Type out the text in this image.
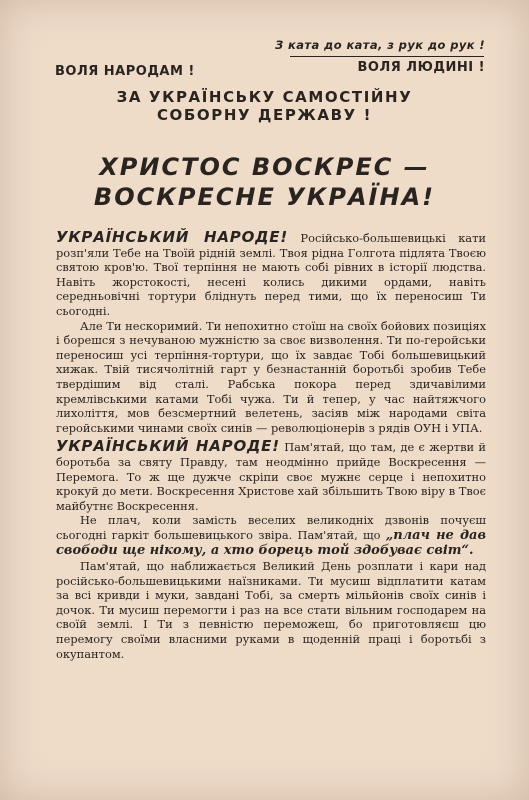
З ката до ката, з рук до рук !
ВОЛЯ НАРОДАМ !	ВОЛЯ ЛЮДИНІ !
ЗА УКРАЇНСЬКУ САМОСТІЙНУ
СОБОРНУ ДЕРЖАВУ !
ХРИСТОС ВОСКРЕС —
ВОСКРЕСНЕ УКРАЇНА!

УКРАЇНСЬКИЙ НАРОДЕ! Російсько-большевицькі кати розп'яли Тебе на Твоїй рідній землі. Твоя рідна Голгота підлята Твоєю святою кров'ю. Твої терпіння не мають собі рівних в історії людства. Навіть жорстокості, несені колись дикими ордами, навіть середньовічні тортури бліднуть перед тими, що їх переносиш Ти сьогодні.

Але Ти нескоримий. Ти непохитно стоїш на своїх бойових позиціях і борешся з нечуваною мужністю за своє визволення. Ти по-геройськи переносиш усі терпіння-тортури, що їх завдає Тобі большевицький хижак. Твій тисячолітній гарт у безнастанній боротьбі зробив Тебе твердішим від сталі. Рабська покора перед здичавілими кремлівськими катами Тобі чужа. Ти й тепер, у час найтяжчого лихоліття, мов безсмертний велетень, засіяв між народами світа геройськими чинами своїх синів — революціонерів з рядів ОУН і УПА.

УКРАЇНСЬКИЙ НАРОДЕ! Пам'ятай, що там, де є жертви й боротьба за святу Правду, там неодмінно прийде Воскресення — Перемога. То ж ще дужче скріпи своє мужнє серце і непохитно крокуй до мети. Воскресення Христове хай збільшить Твою віру в Твоє майбутнє Воскресення.

Не плач, коли замість веселих великодніх дзвонів почуєш сьогодні гаркіт большевицького звіра. Пам'ятай, що „плач не дав свободи ще нікому, а хто борець той здобуває світ“.

Пам'ятай, що наближається Великий День розплати і кари над російсько-большевицькими наїзниками. Ти мусиш відплатити катам за всі кривди і муки, завдані Тобі, за смерть мільйонів своїх синів і дочок. Ти мусиш перемогти і раз на все стати вільним господарем на своїй землі. І Ти з певністю переможеш, бо приготовляєш цю перемогу своїми власними руками в щоденній праці і боротьбі з окупантом.
